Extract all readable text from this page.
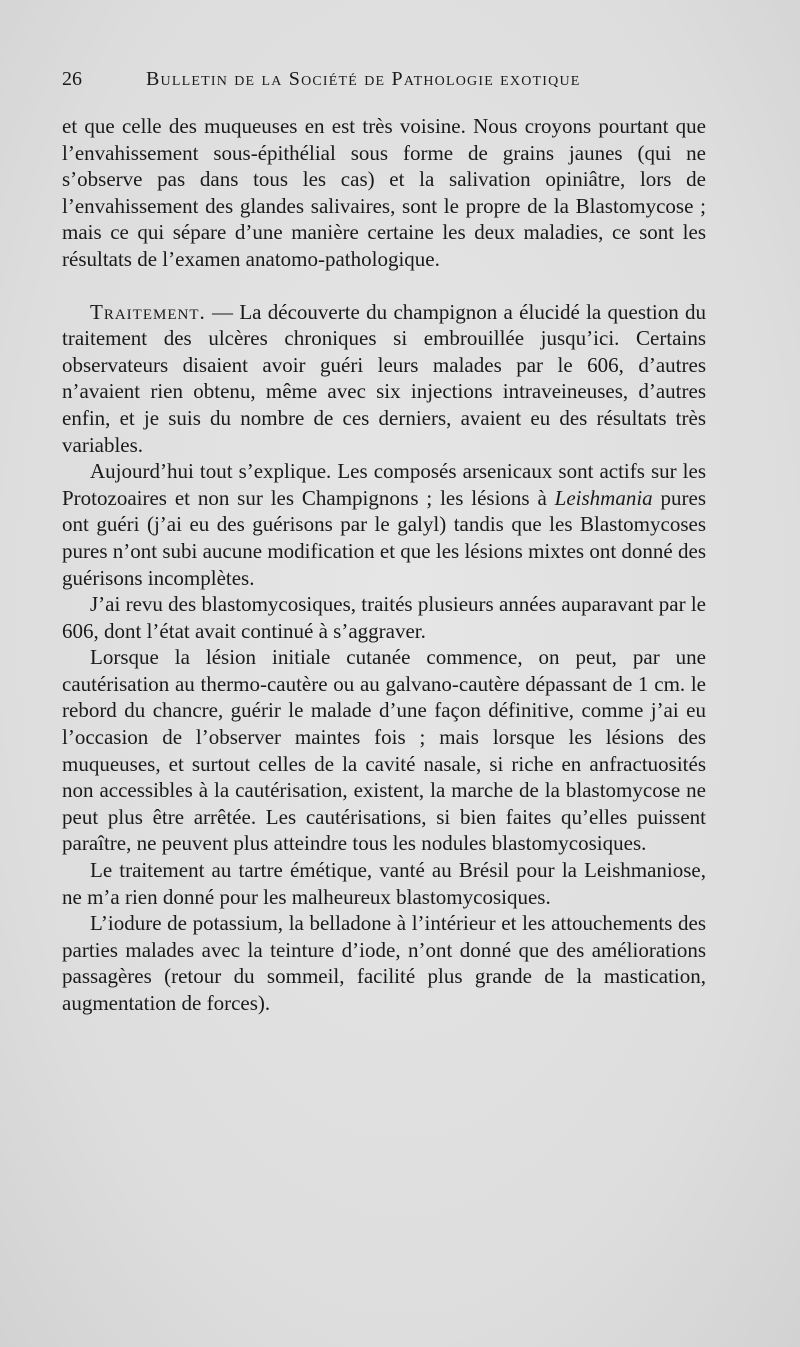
26	Bulletin de la Société de Pathologie exotique

et que celle des muqueuses en est très voisine. Nous croyons pourtant que l’envahissement sous-épithélial sous forme de grains jaunes (qui ne s’observe pas dans tous les cas) et la salivation opiniâtre, lors de l’envahissement des glandes salivaires, sont le propre de la Blastomycose ; mais ce qui sépare d’une manière certaine les deux maladies, ce sont les résultats de l’examen anatomo-pathologique.

Traitement. — La découverte du champignon a élucidé la question du traitement des ulcères chroniques si embrouillée jusqu’ici. Certains observateurs disaient avoir guéri leurs malades par le 606, d’autres n’avaient rien obtenu, même avec six injections intraveineuses, d’autres enfin, et je suis du nombre de ces derniers, avaient eu des résultats très variables.

Aujourd’hui tout s’explique. Les composés arsenicaux sont actifs sur les Protozoaires et non sur les Champignons ; les lésions à Leishmania pures ont guéri (j’ai eu des guérisons par le galyl) tandis que les Blastomycoses pures n’ont subi aucune modification et que les lésions mixtes ont donné des guérisons incomplètes.

J’ai revu des blastomycosiques, traités plusieurs années auparavant par le 606, dont l’état avait continué à s’aggraver.

Lorsque la lésion initiale cutanée commence, on peut, par une cautérisation au thermo-cautère ou au galvano-cautère dépassant de 1 cm. le rebord du chancre, guérir le malade d’une façon définitive, comme j’ai eu l’occasion de l’observer maintes fois ; mais lorsque les lésions des muqueuses, et surtout celles de la cavité nasale, si riche en anfractuosités non accessibles à la cautérisation, existent, la marche de la blastomycose ne peut plus être arrêtée. Les cautérisations, si bien faites qu’elles puissent paraître, ne peuvent plus atteindre tous les nodules blastomycosiques.

Le traitement au tartre émétique, vanté au Brésil pour la Leishmaniose, ne m’a rien donné pour les malheureux blastomycosiques.

L’iodure de potassium, la belladone à l’intérieur et les attouchements des parties malades avec la teinture d’iode, n’ont donné que des améliorations passagères (retour du sommeil, facilité plus grande de la mastication, augmentation de forces).
